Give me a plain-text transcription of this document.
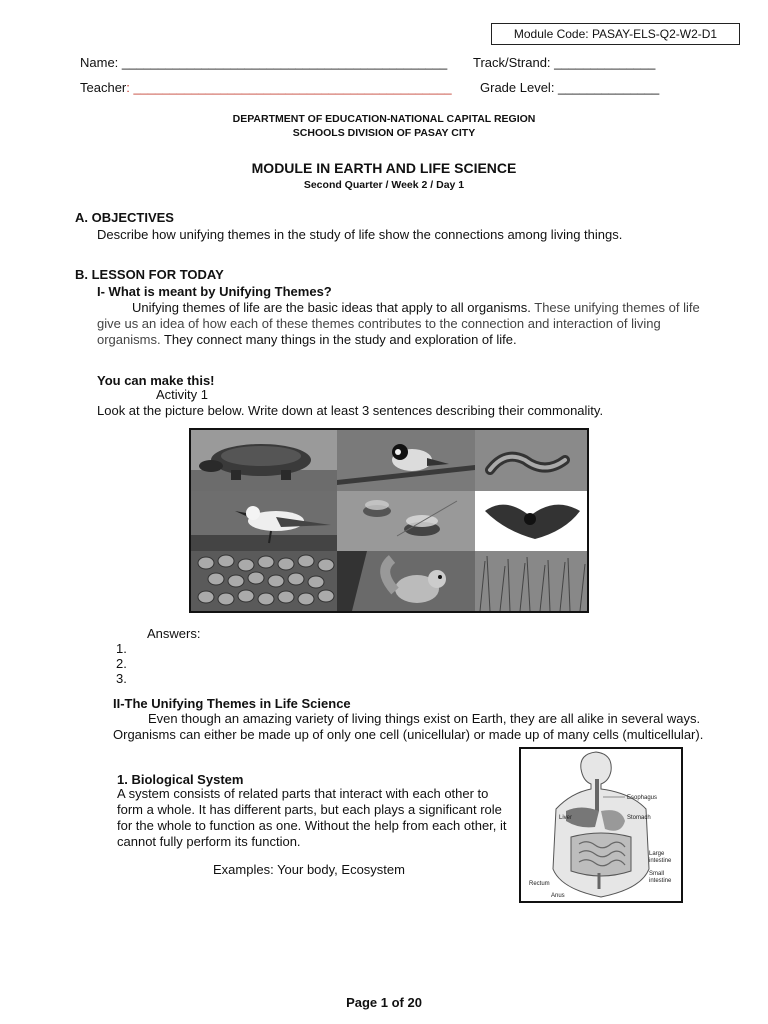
Module Code: PASAY-ELS-Q2-W2-D1
Name: _____________________________________________ Track/Strand: ______________
Teacher: ____________________________________________ Grade Level: ______________
DEPARTMENT OF EDUCATION-NATIONAL CAPITAL REGION
SCHOOLS DIVISION OF PASAY CITY
MODULE IN EARTH AND LIFE SCIENCE
Second Quarter / Week 2 / Day 1
A. OBJECTIVES
Describe how unifying themes in the study of life show the connections among living things.
B. LESSON FOR TODAY
I- What is meant by Unifying Themes?
Unifying themes of life are the basic ideas that apply to all organisms. These unifying themes of life give us an idea of how each of these themes contributes to the connection and interaction of living organisms. They connect many things in the study and exploration of life.
You can make this!
Activity 1
Look at the picture below. Write down at least 3 sentences describing their commonality.
Answers:
1.
2.
3.
II-The Unifying Themes in Life Science
Even though an amazing variety of living things exist on Earth, they are all alike in several ways. Organisms can either be made up of only one cell (unicellular) or made up of many cells (multicellular).
1. Biological System
A system consists of related parts that interact with each other to form a whole. It has different parts, but each plays a significant role for the whole to function as one. Without the help from each other, it cannot fully perform its function.
Examples: Your body, Ecosystem
Esophagus
Liver	Stomach
Large
intestine
Small
intestine
Rectum
Anus
Page 1 of 20
